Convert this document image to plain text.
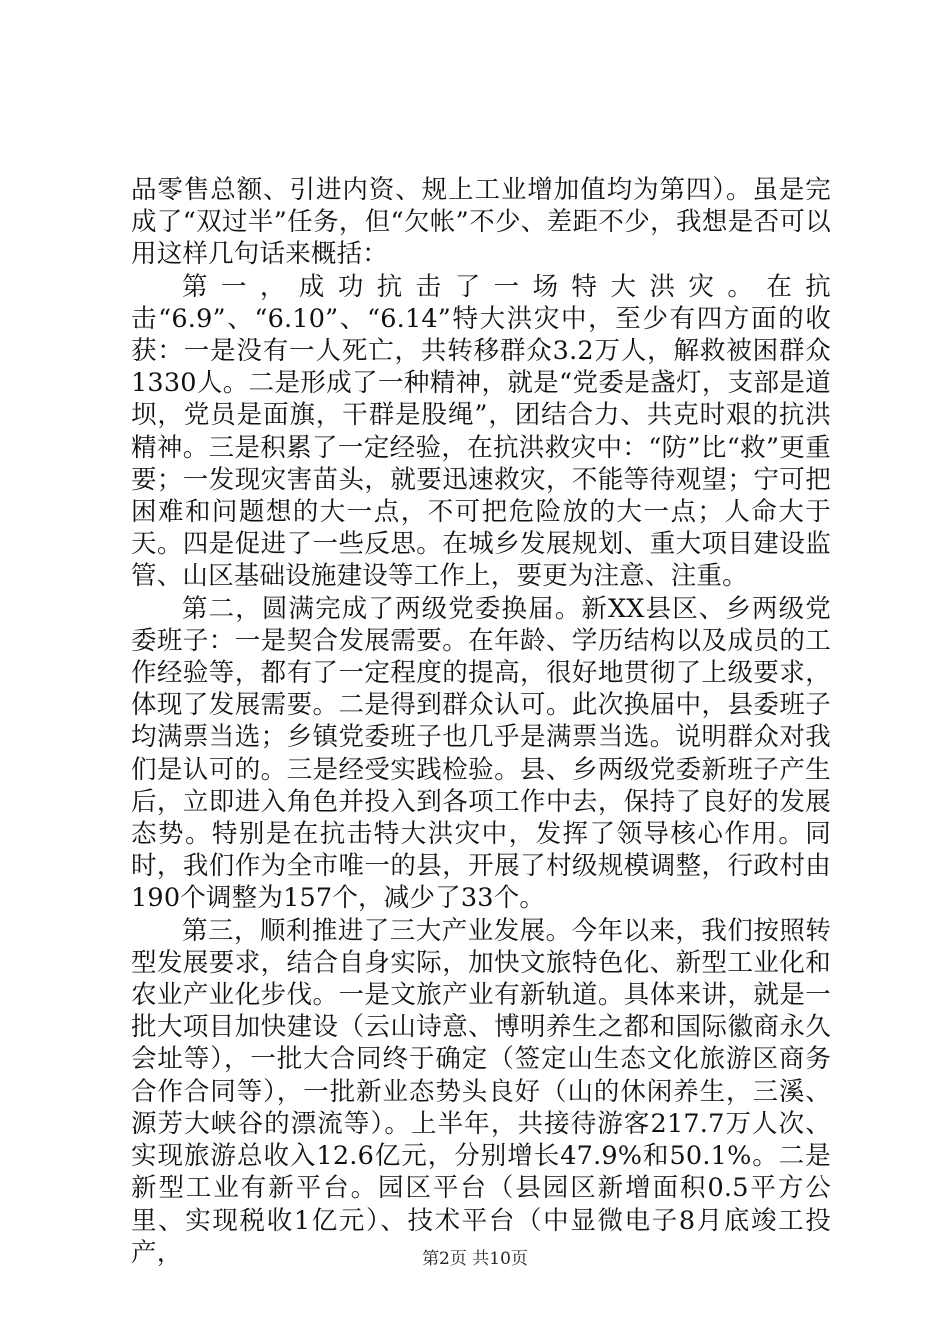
品零售总额、引进内资、规上工业增加值均为第四）。虽是完成了“双过半”任务，但“欠帐”不少、差距不少，我想是否可以用这样几句话来概括：

第一，成功抗击了一场特大洪灾。在抗击“6.9”、“6.10”、“6.14”特大洪灾中，至少有四方面的收获：一是没有一人死亡，共转移群众3.2万人，解救被困群众1330人。二是形成了一种精神，就是“党委是盏灯，支部是道坝，党员是面旗，干群是股绳”，团结合力、共克时艰的抗洪精神。三是积累了一定经验，在抗洪救灾中：“防”比“救”更重要；一发现灾害苗头，就要迅速救灾，不能等待观望；宁可把困难和问题想的大一点，不可把危险放的大一点；人命大于天。四是促进了一些反思。在城乡发展规划、重大项目建设监管、山区基础设施建设等工作上，要更为注意、注重。

第二，圆满完成了两级党委换届。新XX县区、乡两级党委班子：一是契合发展需要。在年龄、学历结构以及成员的工作经验等，都有了一定程度的提高，很好地贯彻了上级要求，体现了发展需要。二是得到群众认可。此次换届中，县委班子均满票当选；乡镇党委班子也几乎是满票当选。说明群众对我们是认可的。三是经受实践检验。县、乡两级党委新班子产生后，立即进入角色并投入到各项工作中去，保持了良好的发展态势。特别是在抗击特大洪灾中，发挥了领导核心作用。同时，我们作为全市唯一的县，开展了村级规模调整，行政村由190个调整为157个，减少了33个。

第三，顺利推进了三大产业发展。今年以来，我们按照转型发展要求，结合自身实际，加快文旅特色化、新型工业化和农业产业化步伐。一是文旅产业有新轨道。具体来讲，就是一批大项目加快建设（云山诗意、博明养生之都和国际徽商永久会址等），一批大合同终于确定（签定山生态文化旅游区商务合作合同等），一批新业态势头良好（山的休闲养生，三溪、源芳大峡谷的漂流等）。上半年，共接待游客217.7万人次、实现旅游总收入12.6亿元，分别增长47.9%和50.1%。二是新型工业有新平台。园区平台（县园区新增面积0.5平方公里、实现税收1亿元）、技术平台（中显微电子8月底竣工投产，	第2页 共10页
